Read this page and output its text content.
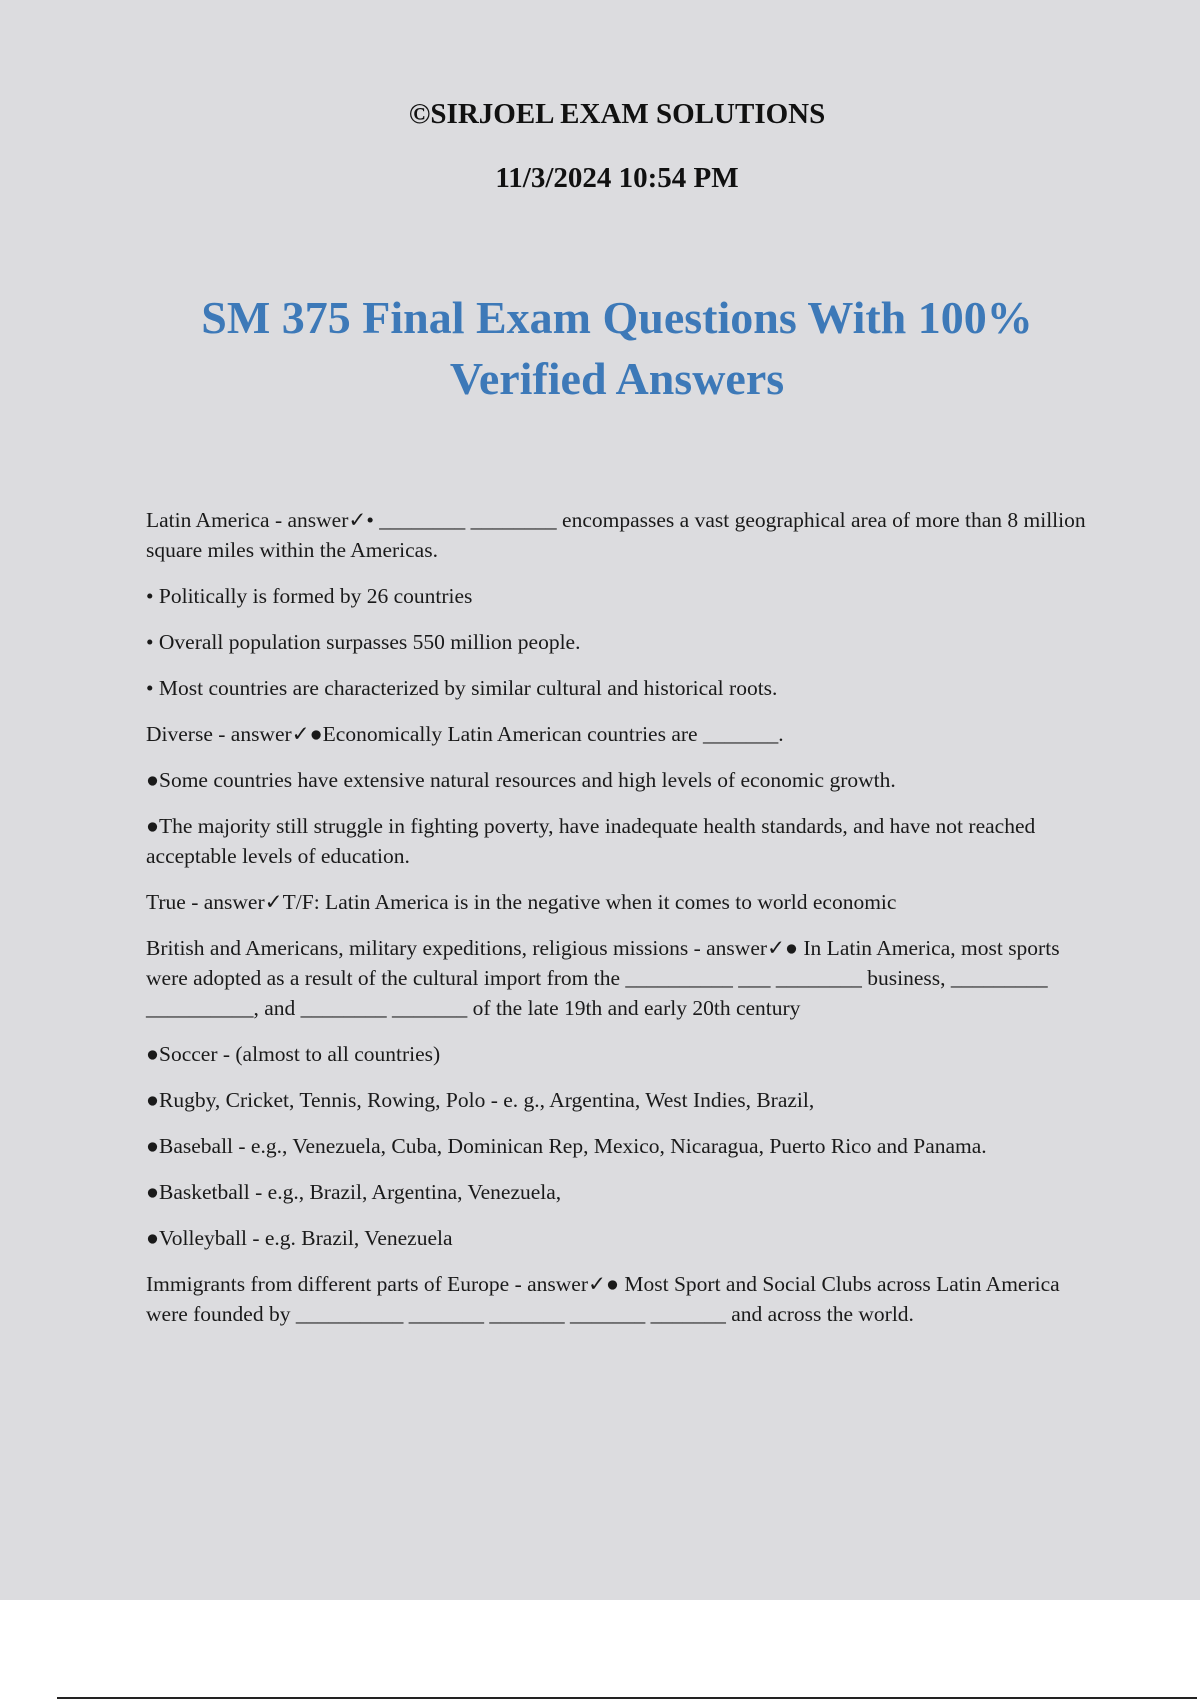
©SIRJOEL EXAM SOLUTIONS
11/3/2024 10:54 PM
SM 375 Final Exam Questions With 100%
Verified Answers

Latin America - answer✓• ________ ________ encompasses a vast geographical area of more than 8 million square miles within the Americas.

• Politically is formed by 26 countries

• Overall population surpasses 550 million people.

• Most countries are characterized by similar cultural and historical roots.

Diverse - answer✓●Economically Latin American countries are _______.

●Some countries have extensive natural resources and high levels of economic growth.

●The majority still struggle in fighting poverty, have inadequate health standards, and have not reached acceptable levels of education.

True - answer✓T/F: Latin America is in the negative when it comes to world economic

British and Americans, military expeditions, religious missions - answer✓● In Latin America, most sports were adopted as a result of the cultural import from the __________ ___ ________ business, _________ __________, and ________ _______ of the late 19th and early 20th century

●Soccer - (almost to all countries)

●Rugby, Cricket, Tennis, Rowing, Polo - e. g., Argentina, West Indies, Brazil,

●Baseball - e.g., Venezuela, Cuba, Dominican Rep, Mexico, Nicaragua, Puerto Rico and Panama.

●Basketball - e.g., Brazil, Argentina, Venezuela,

●Volleyball - e.g. Brazil, Venezuela

Immigrants from different parts of Europe - answer✓● Most Sport and Social Clubs across Latin America were founded by __________ _______ _______ _______ _______ and across the world.
